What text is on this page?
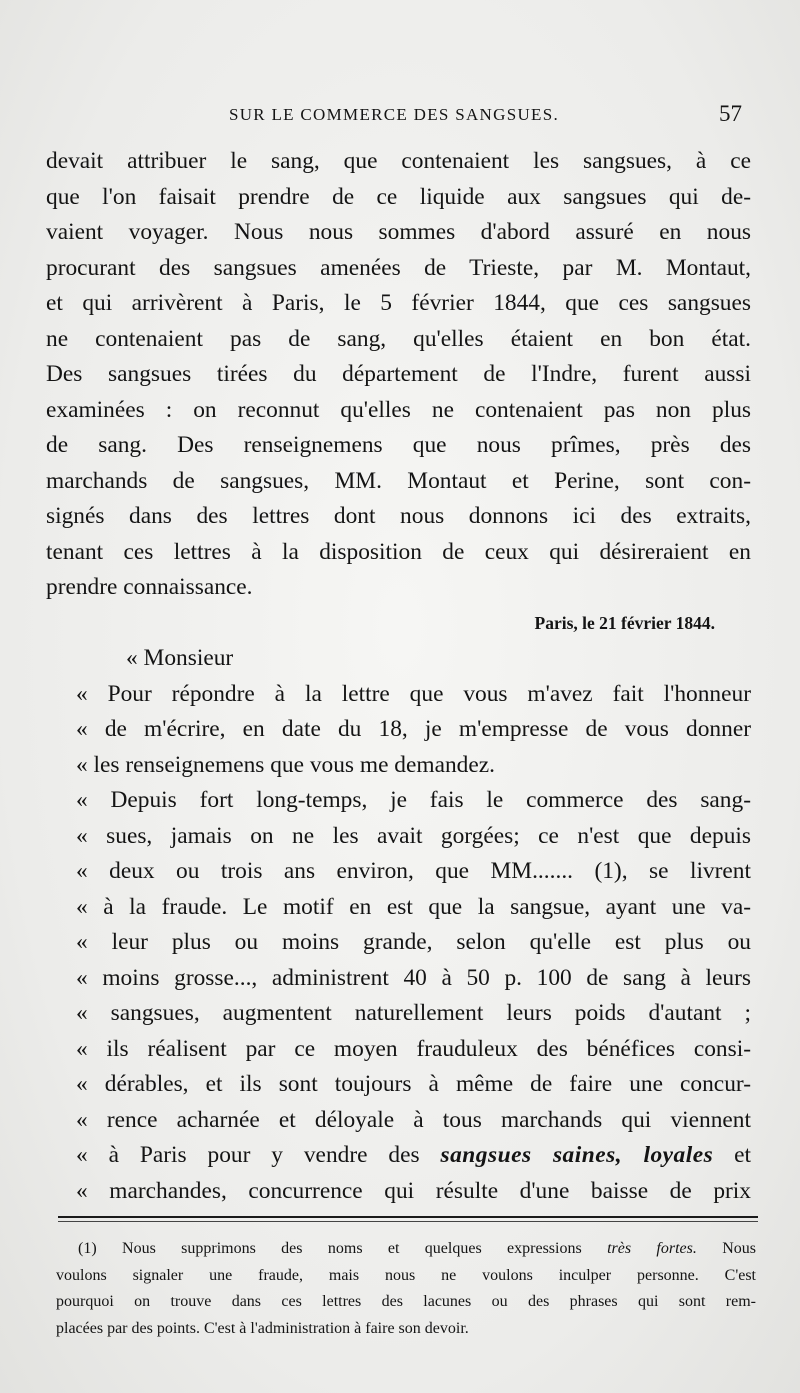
SUR LE COMMERCE DES SANGSUES.	57
devait attribuer le sang, que contenaient les sangsues, à ce
que l'on faisait prendre de ce liquide aux sangsues qui de-
vaient voyager. Nous nous sommes d'abord assuré en nous
procurant des sangsues amenées de Trieste, par M. Montaut,
et qui arrivèrent à Paris, le 5 février 1844, que ces sangsues
ne contenaient pas de sang, qu'elles étaient en bon état.
Des sangsues tirées du département de l'Indre, furent aussi
examinées : on reconnut qu'elles ne contenaient pas non plus
de sang. Des renseignemens que nous prîmes, près des
marchands de sangsues, MM. Montaut et Perine, sont con-
signés dans des lettres dont nous donnons ici des extraits,
tenant ces lettres à la disposition de ceux qui désireraient en
prendre connaissance.
Paris, le 21 février 1844.
« Monsieur
« Pour répondre à la lettre que vous m'avez fait l'honneur
« de m'écrire, en date du 18, je m'empresse de vous donner
« les renseignemens que vous me demandez.
« Depuis fort long-temps, je fais le commerce des sang-
« sues, jamais on ne les avait gorgées; ce n'est que depuis
« deux ou trois ans environ, que MM....... (1), se livrent
« à la fraude. Le motif en est que la sangsue, ayant une va-
« leur plus ou moins grande, selon qu'elle est plus ou
« moins grosse..., administrent 40 à 50 p. 100 de sang à leurs
« sangsues, augmentent naturellement leurs poids d'autant ;
« ils réalisent par ce moyen frauduleux des bénéfices consi-
« dérables, et ils sont toujours à même de faire une concur-
« rence acharnée et déloyale à tous marchands qui viennent
« à Paris pour y vendre des sangsues saines, loyales et
« marchandes, concurrence qui résulte d'une baisse de prix
(1) Nous supprimons des noms et quelques expressions très fortes. Nous
voulons signaler une fraude, mais nous ne voulons inculper personne. C'est
pourquoi on trouve dans ces lettres des lacunes ou des phrases qui sont rem-
placées par des points. C'est à l'administration à faire son devoir.
